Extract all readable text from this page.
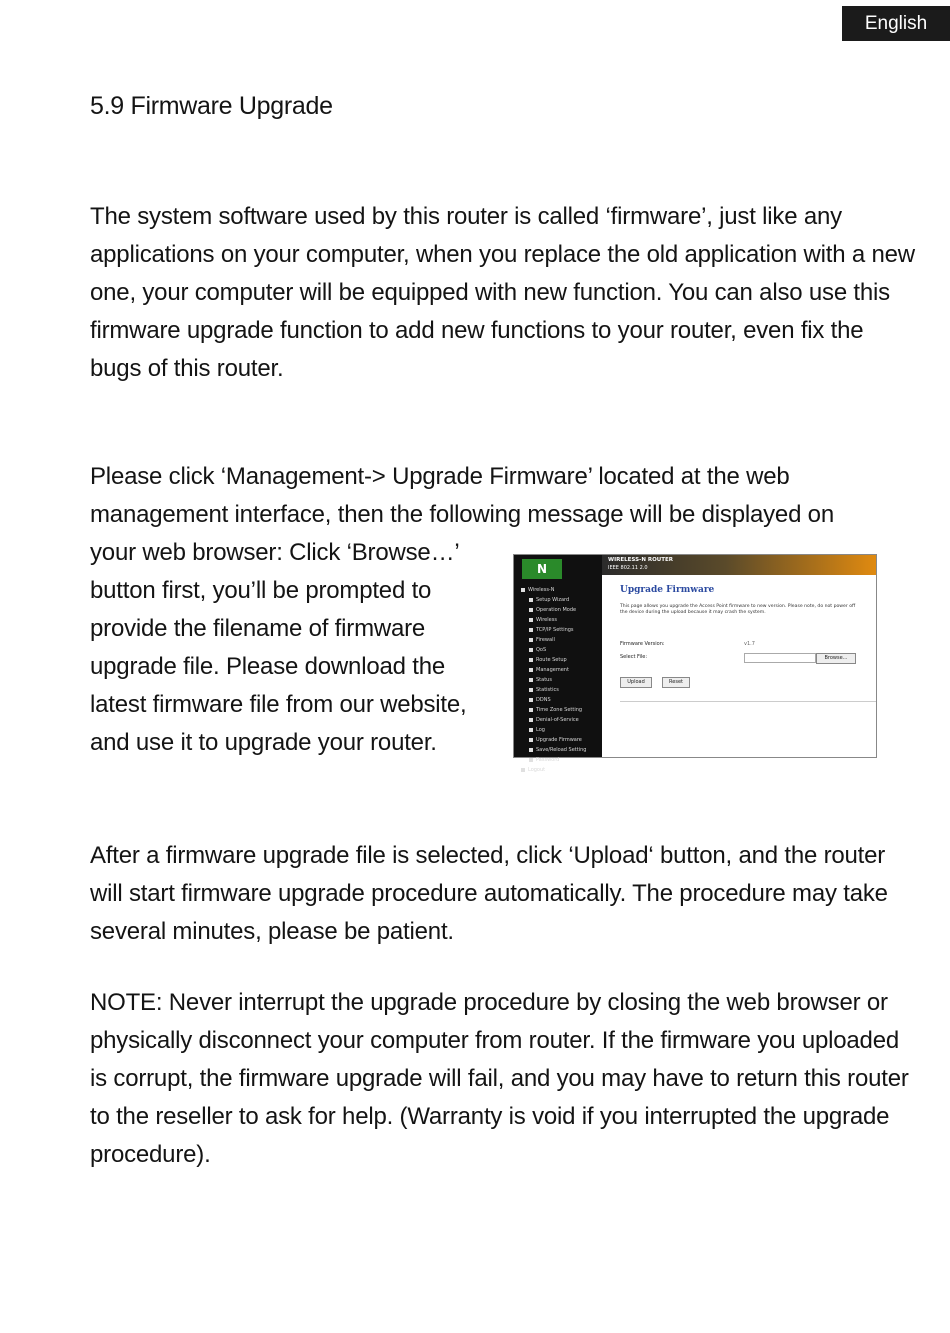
English
5.9 Firmware Upgrade

The system software used by this router is called ‘firmware’, just like any applications on your computer, when you replace the old application with a new one, your computer will be equipped with new function. You can also use this firmware upgrade function to add new functions to your router, even fix the bugs of this router.

Please click ‘Management-> Upgrade Firmware’ located at the web management interface, then the following message will be displayed on

your web browser: Click ‘Browse…’ button first, you’ll be prompted to provide the filename of firmware upgrade file. Please download the latest firmware file from our website, and use it to upgrade your router.

N
Wireless-N
Setup Wizard
Operation Mode
Wireless
TCP/IP Settings
Firewall
QoS
Route Setup
Management
Status
Statistics
DDNS
Time Zone Setting
Denial-of-Service
Log
Upgrade Firmware
Save/Reload Setting
Password
Logout
WIRELESS-N ROUTER
IEEE 802.11 2.0
Upgrade Firmware
This page allows you upgrade the Access Point firmware to new version. Please note, do not power off the device during the upload because it may crash the system.
Firmware Version:	v1.7
Select File:	Browse...
Upload	Reset

After a firmware upgrade file is selected, click ‘Upload‘ button, and the router will start firmware upgrade procedure automatically. The procedure may take several minutes, please be patient.

NOTE: Never interrupt the upgrade procedure by closing the web browser or physically disconnect your computer from router. If the firmware you uploaded is corrupt, the firmware upgrade will fail, and you may have to return this router to the reseller to ask for help. (Warranty is void if you interrupted the upgrade procedure).
